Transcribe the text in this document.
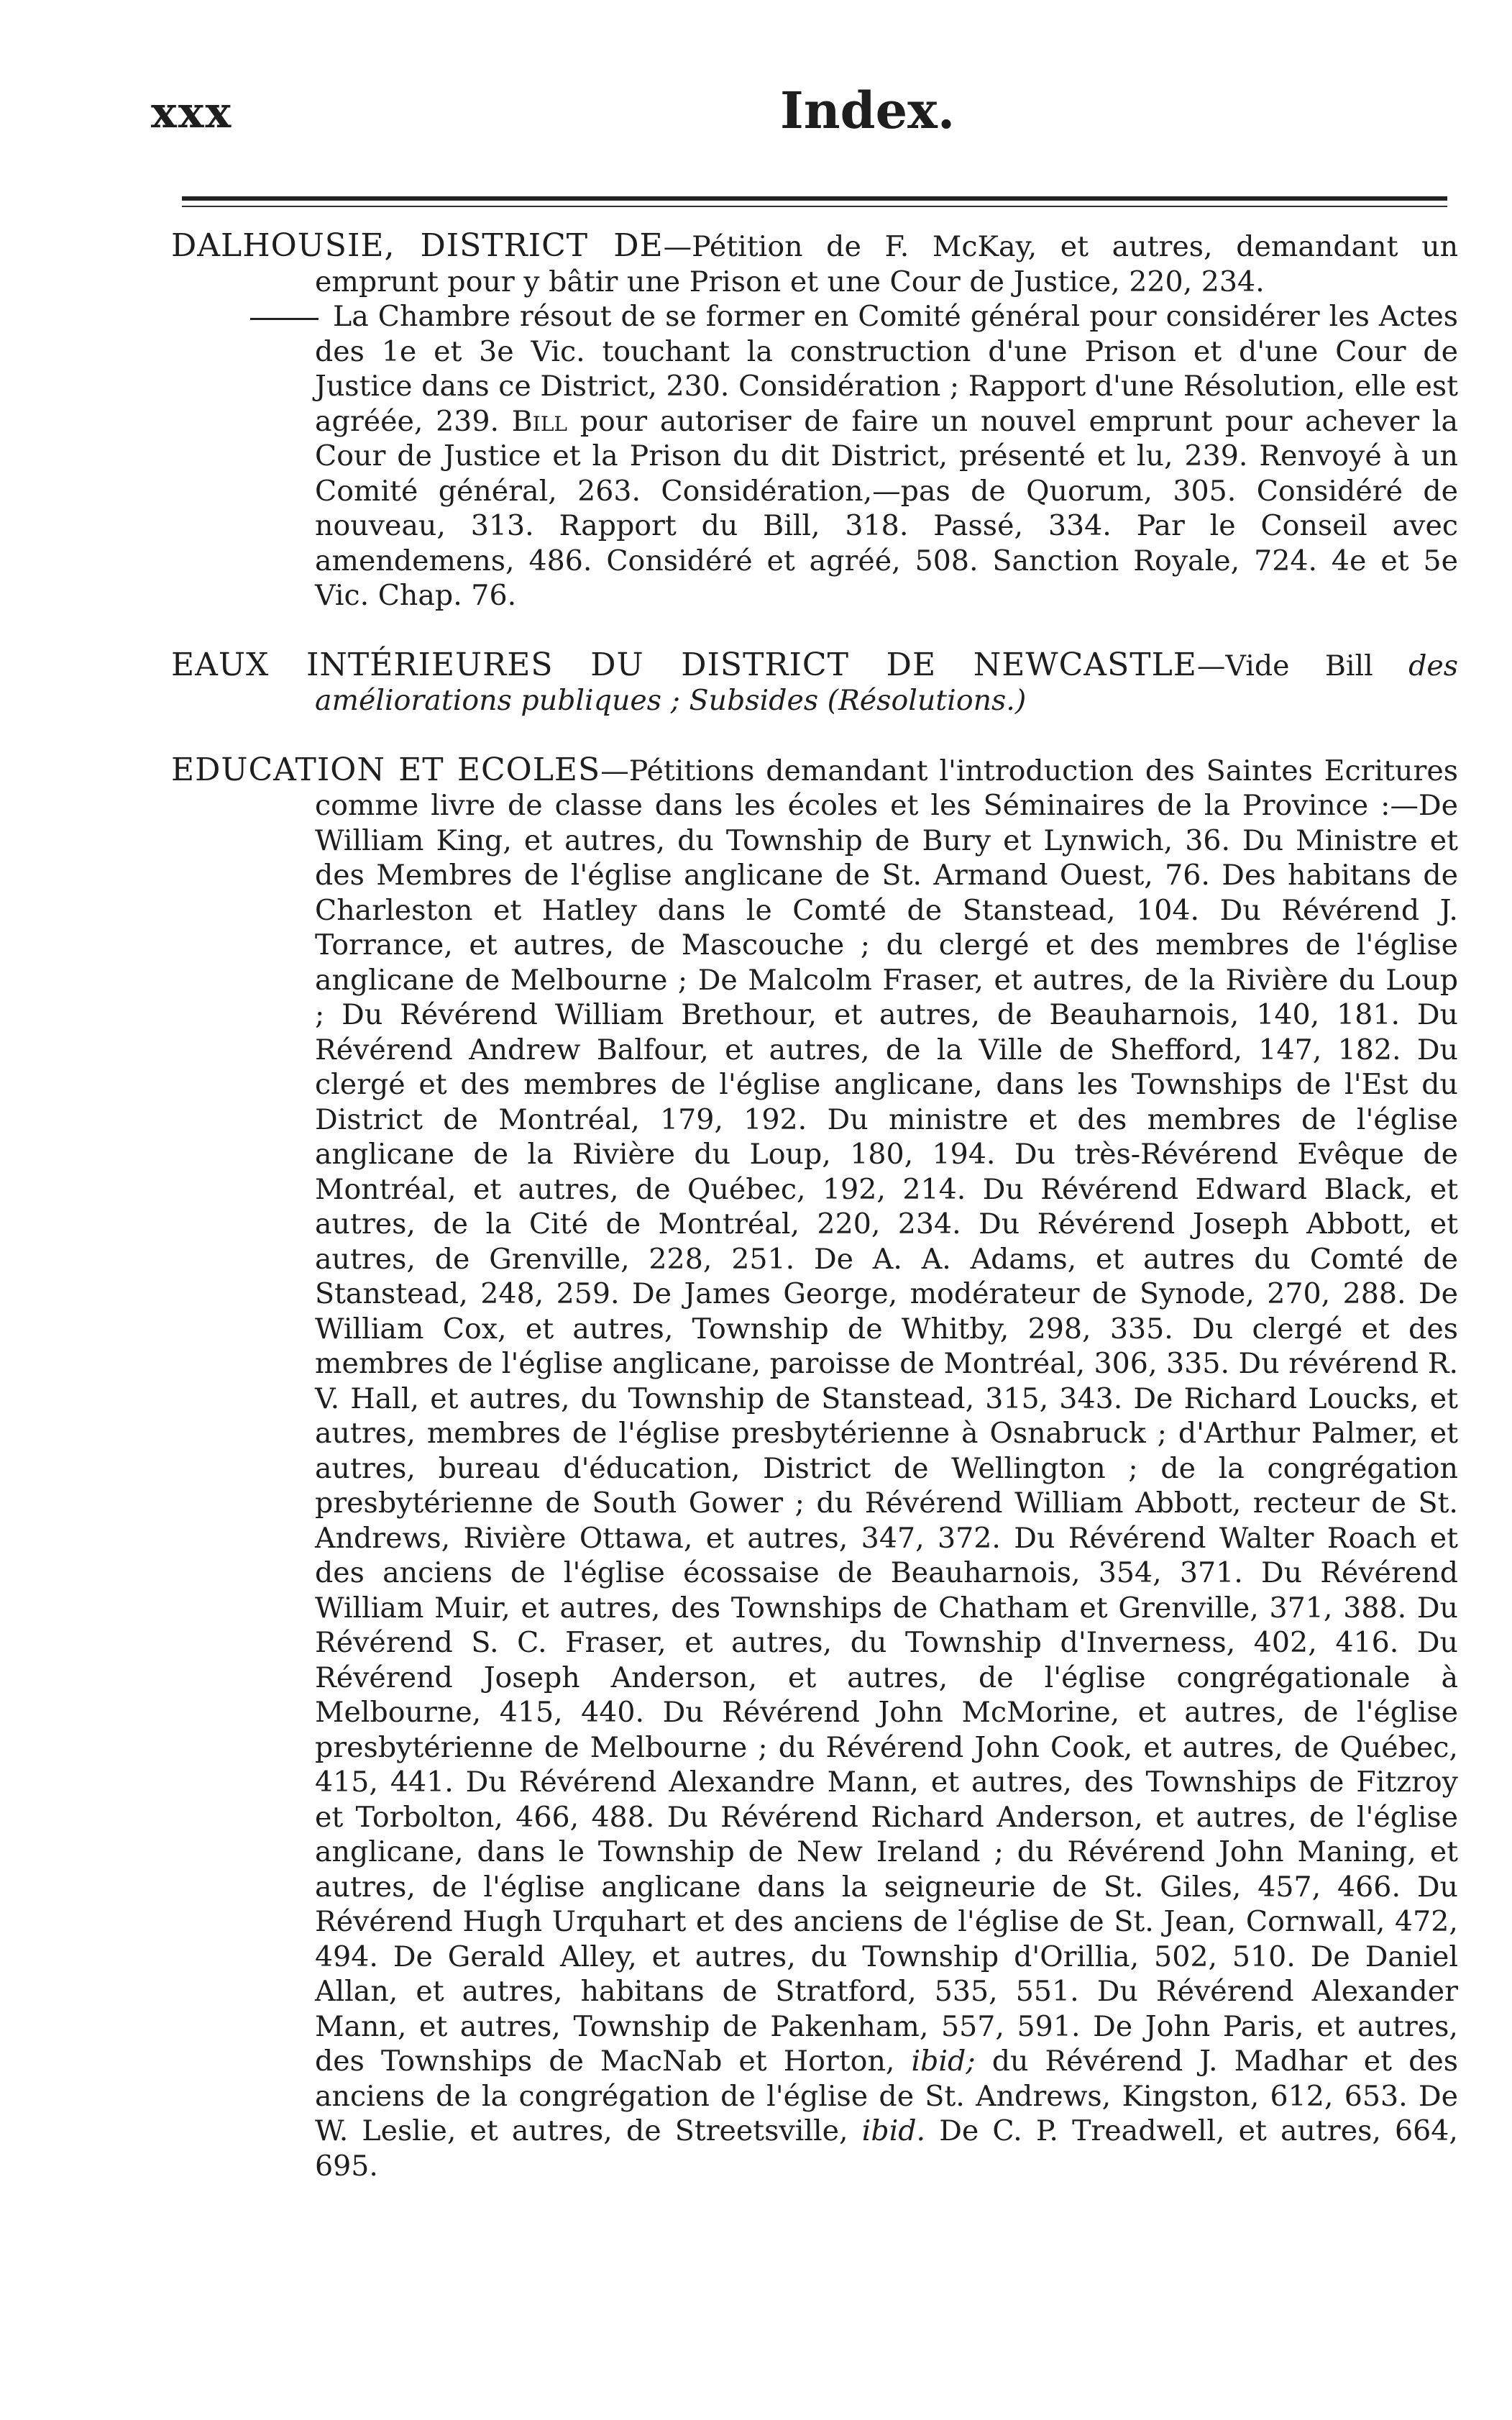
xxx	Index.

DALHOUSIE, DISTRICT DE—Pétition de F. McKay, et autres, demandant un emprunt pour y bâtir une Prison et une Cour de Justice, 220, 234.

La Chambre résout de se former en Comité général pour considérer les Actes des 1e et 3e Vic. touchant la construction d'une Prison et d'une Cour de Justice dans ce District, 230. Considération ; Rapport d'une Résolution, elle est agréée, 239. Bill pour autoriser de faire un nouvel emprunt pour achever la Cour de Justice et la Prison du dit District, présenté et lu, 239. Renvoyé à un Comité général, 263. Considération,—pas de Quorum, 305. Considéré de nouveau, 313. Rapport du Bill, 318. Passé, 334. Par le Conseil avec amendemens, 486. Considéré et agréé, 508. Sanction Royale, 724. 4e et 5e Vic. Chap. 76.

EAUX INTÉRIEURES DU DISTRICT DE NEWCASTLE—Vide Bill des améliorations publiques ; Subsides (Résolutions.)

EDUCATION ET ECOLES—Pétitions demandant l'introduction des Saintes Ecritures comme livre de classe dans les écoles et les Séminaires de la Province :—De William King, et autres, du Township de Bury et Lynwich, 36. Du Ministre et des Membres de l'église anglicane de St. Armand Ouest, 76. Des habitans de Charleston et Hatley dans le Comté de Stanstead, 104. Du Révérend J. Torrance, et autres, de Mascouche ; du clergé et des membres de l'église anglicane de Melbourne ; De Malcolm Fraser, et autres, de la Rivière du Loup ; Du Révérend William Brethour, et autres, de Beauharnois, 140, 181. Du Révérend Andrew Balfour, et autres, de la Ville de Shefford, 147, 182. Du clergé et des membres de l'église anglicane, dans les Townships de l'Est du District de Montréal, 179, 192. Du ministre et des membres de l'église anglicane de la Rivière du Loup, 180, 194. Du très-Révérend Evêque de Montréal, et autres, de Québec, 192, 214. Du Révérend Edward Black, et autres, de la Cité de Montréal, 220, 234. Du Révérend Joseph Abbott, et autres, de Grenville, 228, 251. De A. A. Adams, et autres du Comté de Stanstead, 248, 259. De James George, modérateur de Synode, 270, 288. De William Cox, et autres, Township de Whitby, 298, 335. Du clergé et des membres de l'église anglicane, paroisse de Montréal, 306, 335. Du révérend R. V. Hall, et autres, du Township de Stanstead, 315, 343. De Richard Loucks, et autres, membres de l'église presbytérienne à Osnabruck ; d'Arthur Palmer, et autres, bureau d'éducation, District de Wellington ; de la congrégation presbytérienne de South Gower ; du Révérend William Abbott, recteur de St. Andrews, Rivière Ottawa, et autres, 347, 372. Du Révérend Walter Roach et des anciens de l'église écossaise de Beauharnois, 354, 371. Du Révérend William Muir, et autres, des Townships de Chatham et Grenville, 371, 388. Du Révérend S. C. Fraser, et autres, du Township d'Inverness, 402, 416. Du Révérend Joseph Anderson, et autres, de l'église congrégationale à Melbourne, 415, 440. Du Révérend John McMorine, et autres, de l'église presbytérienne de Melbourne ; du Révérend John Cook, et autres, de Québec, 415, 441. Du Révérend Alexandre Mann, et autres, des Townships de Fitzroy et Torbolton, 466, 488. Du Révérend Richard Anderson, et autres, de l'église anglicane, dans le Township de New Ireland ; du Révérend John Maning, et autres, de l'église anglicane dans la seigneurie de St. Giles, 457, 466. Du Révérend Hugh Urquhart et des anciens de l'église de St. Jean, Cornwall, 472, 494. De Gerald Alley, et autres, du Township d'Orillia, 502, 510. De Daniel Allan, et autres, habitans de Stratford, 535, 551. Du Révérend Alexander Mann, et autres, Township de Pakenham, 557, 591. De John Paris, et autres, des Townships de MacNab et Horton, ibid; du Révérend J. Madhar et des anciens de la congrégation de l'église de St. Andrews, Kingston, 612, 653. De W. Leslie, et autres, de Streetsville, ibid. De C. P. Treadwell, et autres, 664, 695.
